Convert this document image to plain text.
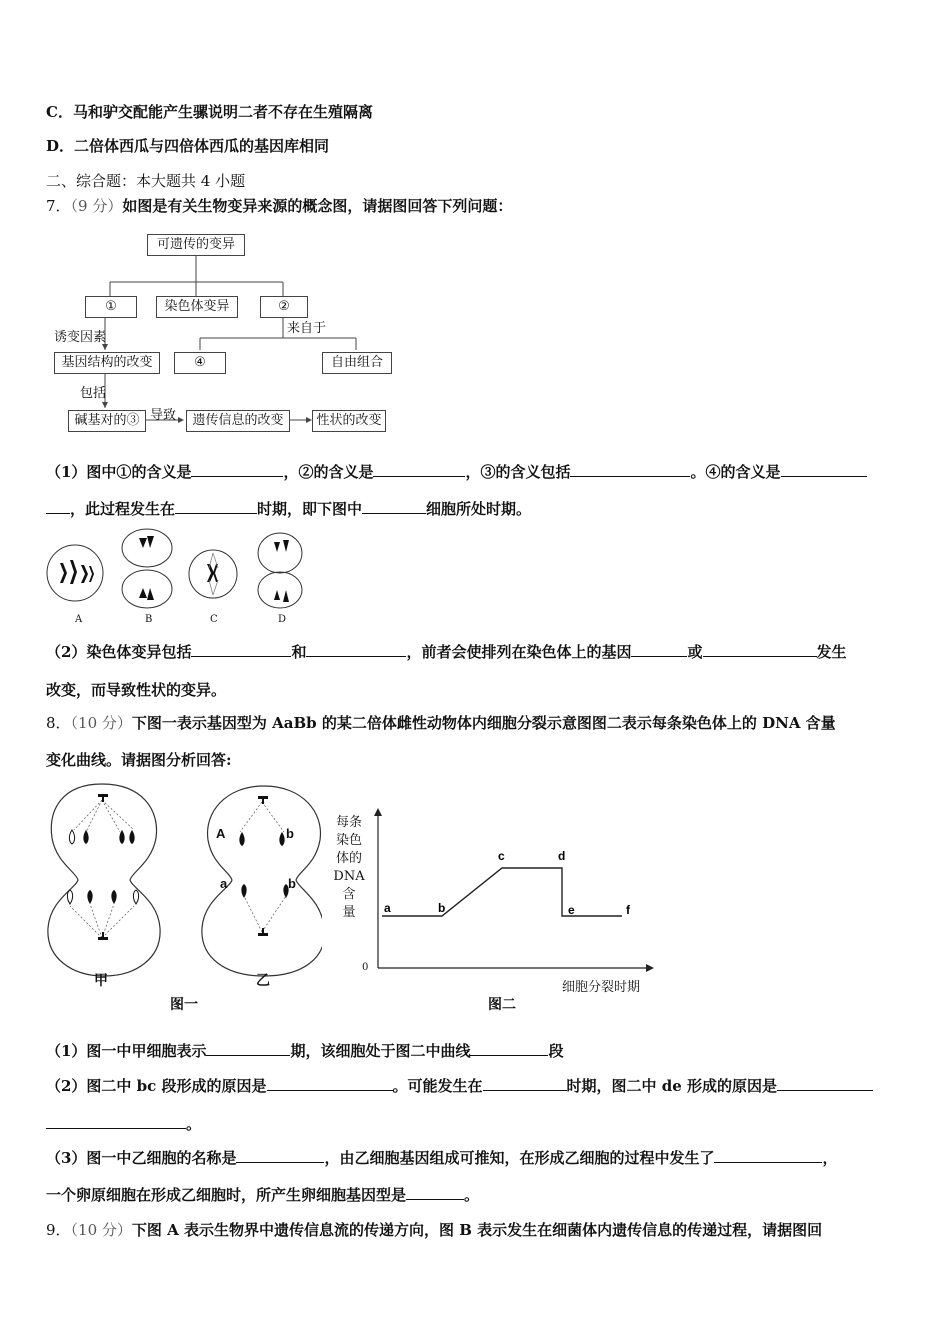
C．马和驴交配能产生骡说明二者不存在生殖隔离
D．二倍体西瓜与四倍体西瓜的基因库相同
二、综合题：本大题共 4 小题
7．（9 分）如图是有关生物变异来源的概念图，请据图回答下列问题：
可遗传的变异
①	染色体变异	②
来自于
诱变因素
基因结构的改变	④	自由组合
包括
碱基对的③ 导致	遗传信息的改变	性状的改变
（1）图中①的含义是	，②的含义是	，③的含义包括	。④的含义是
，此过程发生在	时期，即下图中	细胞所处时期。
A	B	C	D
（2）染色体变异包括	和	，前者会使排列在染色体上的基因	或	发生
改变，而导致性状的变异。
8．（10 分）下图一表示基因型为 AaBb 的某二倍体雌性动物体内细胞分裂示意图图二表示每条染色体上的 DNA 含量
变化曲线。请据图分析回答:
A	b
a	b
甲	乙
图一
每条
染色
体的
DNA含
量	a	b
c	d
e	f
0
细胞分裂时期
图二
（1）图一中甲细胞表示	期，该细胞处于图二中曲线	段
（2）图二中 bc 段形成的原因是	。可能发生在	时期，图二中 de 形成的原因是
。
（3）图一中乙细胞的名称是	，由乙细胞基因组成可推知，在形成乙细胞的过程中发生了	，
一个卵原细胞在形成乙细胞时，所产生卵细胞基因型是	。
9．（10 分）下图 A 表示生物界中遗传信息流的传递方向，图 B 表示发生在细菌体内遗传信息的传递过程，请据图回
